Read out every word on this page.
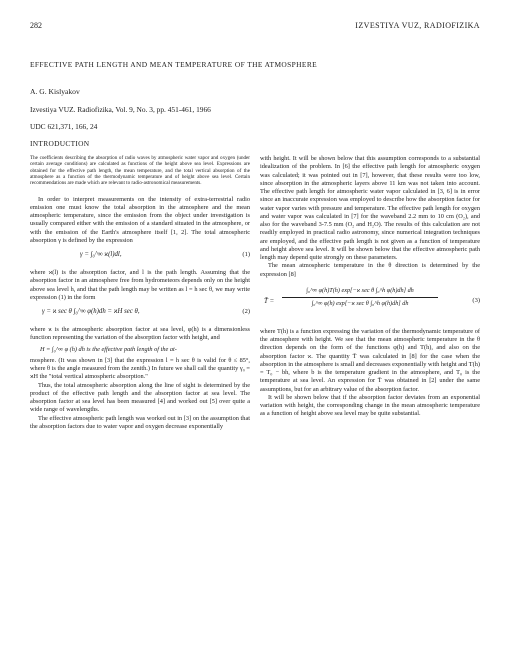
282	IZVESTIYA VUZ, RADIOFIZIKA
EFFECTIVE PATH LENGTH AND MEAN TEMPERATURE OF THE ATMOSPHERE
A. G. Kislyakov
Izvestiya VUZ. Radiofizika, Vol. 9, No. 3, pp. 451-461, 1966
UDC 621,371, 166, 24
INTRODUCTION

The coefficients describing the absorption of radio waves by atmospheric water vapor and oxygen (under certain average conditions) are calculated as functions of the height above sea level. Expressions are obtained for the effective path length, the mean temperature, and the total vertical absorption of the atmosphere as a function of the thermodynamic temperature and of height above sea level. Certain recommendations are made which are relevant to radio-astronomical measurements.

In order to interpret measurements on the intensity of extra-terrestrial radio emission one must know the total absorption in the atmosphere and the mean atmospheric temperature, since the emission from the object under investigation is usually compared either with the emission of a standard situated in the atmosphere, or with the emission of the Earth's atmosphere itself [1, 2]. The total atmospheric absorption γ is defined by the expression

γ = ∫₀^∞ ϰ(l)dl,	(1)

where ϰ(l) is the absorption factor, and l is the path length. Assuming that the absorption factor in an atmosphere free from hydrometeors depends only on the height above sea level h, and that the path length may be written as l = h sec θ, we may write expression (1) in the form

γ = ϰ sec θ ∫₀^∞ φ(h)dh = ϰH sec θ,	(2)

where ϰ is the atmospheric absorption factor at sea level, φ(h) is a dimensionless function representing the variation of the absorption factor with height, and

H = ∫₀^∞ φ (h) dh is the effective path length of the at-

mosphere. (It was shown in [3] that the expression l = h sec θ is valid for θ ≤ 85°, where θ is the angle measured from the zenith.) In future we shall call the quantity γ₀ = ϰH the "total vertical atmospheric absorption."

Thus, the total atmospheric absorption along the line of sight is determined by the product of the effective path length and the absorption factor at sea level. The absorption factor at sea level has been measured [4] and worked out [5] over quite a wide range of wavelengths.

The effective atmospheric path length was worked out in [3] on the assumption that the absorption factors due to water vapor and oxygen decrease exponentially

with height. It will be shown below that this assumption corresponds to a substantial idealization of the problem. In [6] the effective path length for atmospheric oxygen was calculated; it was pointed out in [7], however, that these results were too low, since absorption in the atmospheric layers above 11 km was not taken into account. The effective path length for atmospheric water vapor calculated in [3, 6] is in error since an inaccurate expression was employed to describe how the absorption factor for water vapor varies with pressure and temperature. The effective path length for oxygen and water vapor was calculated in [7] for the waveband 2.2 mm to 10 cm (O₂), and also for the waveband 3-7.5 mm (O₂ and H₂O). The results of this calculation are not readily employed in practical radio astronomy, since numerical integration techniques are employed, and the effective path length is not given as a function of temperature and height above sea level. It will be shown below that the effective atmospheric path length may depend quite strongly on these parameters.

The mean atmospheric temperature in the θ direction is determined by the expression [8]

T̄ =
∫₀^∞ φ(h)T(h) exp[−ϰ sec θ ∫₀^h φ(h)dh] dh
∫₀^∞ φ(h) exp[−ϰ sec θ ∫₀^h φ(h)dh] dh	(3)

where T(h) is a function expressing the variation of the thermodynamic temperature of the atmosphere with height. We see that the mean atmospheric temperature in the θ direction depends on the form of the functions φ(h) and T(h), and also on the absorption factor ϰ. The quantity T̄ was calculated in [8] for the case when the absorption in the atmosphere is small and decreases exponentially with height and T(h) = T₀ − bh, where b is the temperature gradient in the atmosphere, and T₀ is the temperature at sea level. An expression for T̄ was obtained in [2] under the same assumptions, but for an arbitrary value of the absorption factor.

It will be shown below that if the absorption factor deviates from an exponential variation with height, the corresponding change in the mean atmospheric temperature as a function of height above sea level may be quite substantial.
